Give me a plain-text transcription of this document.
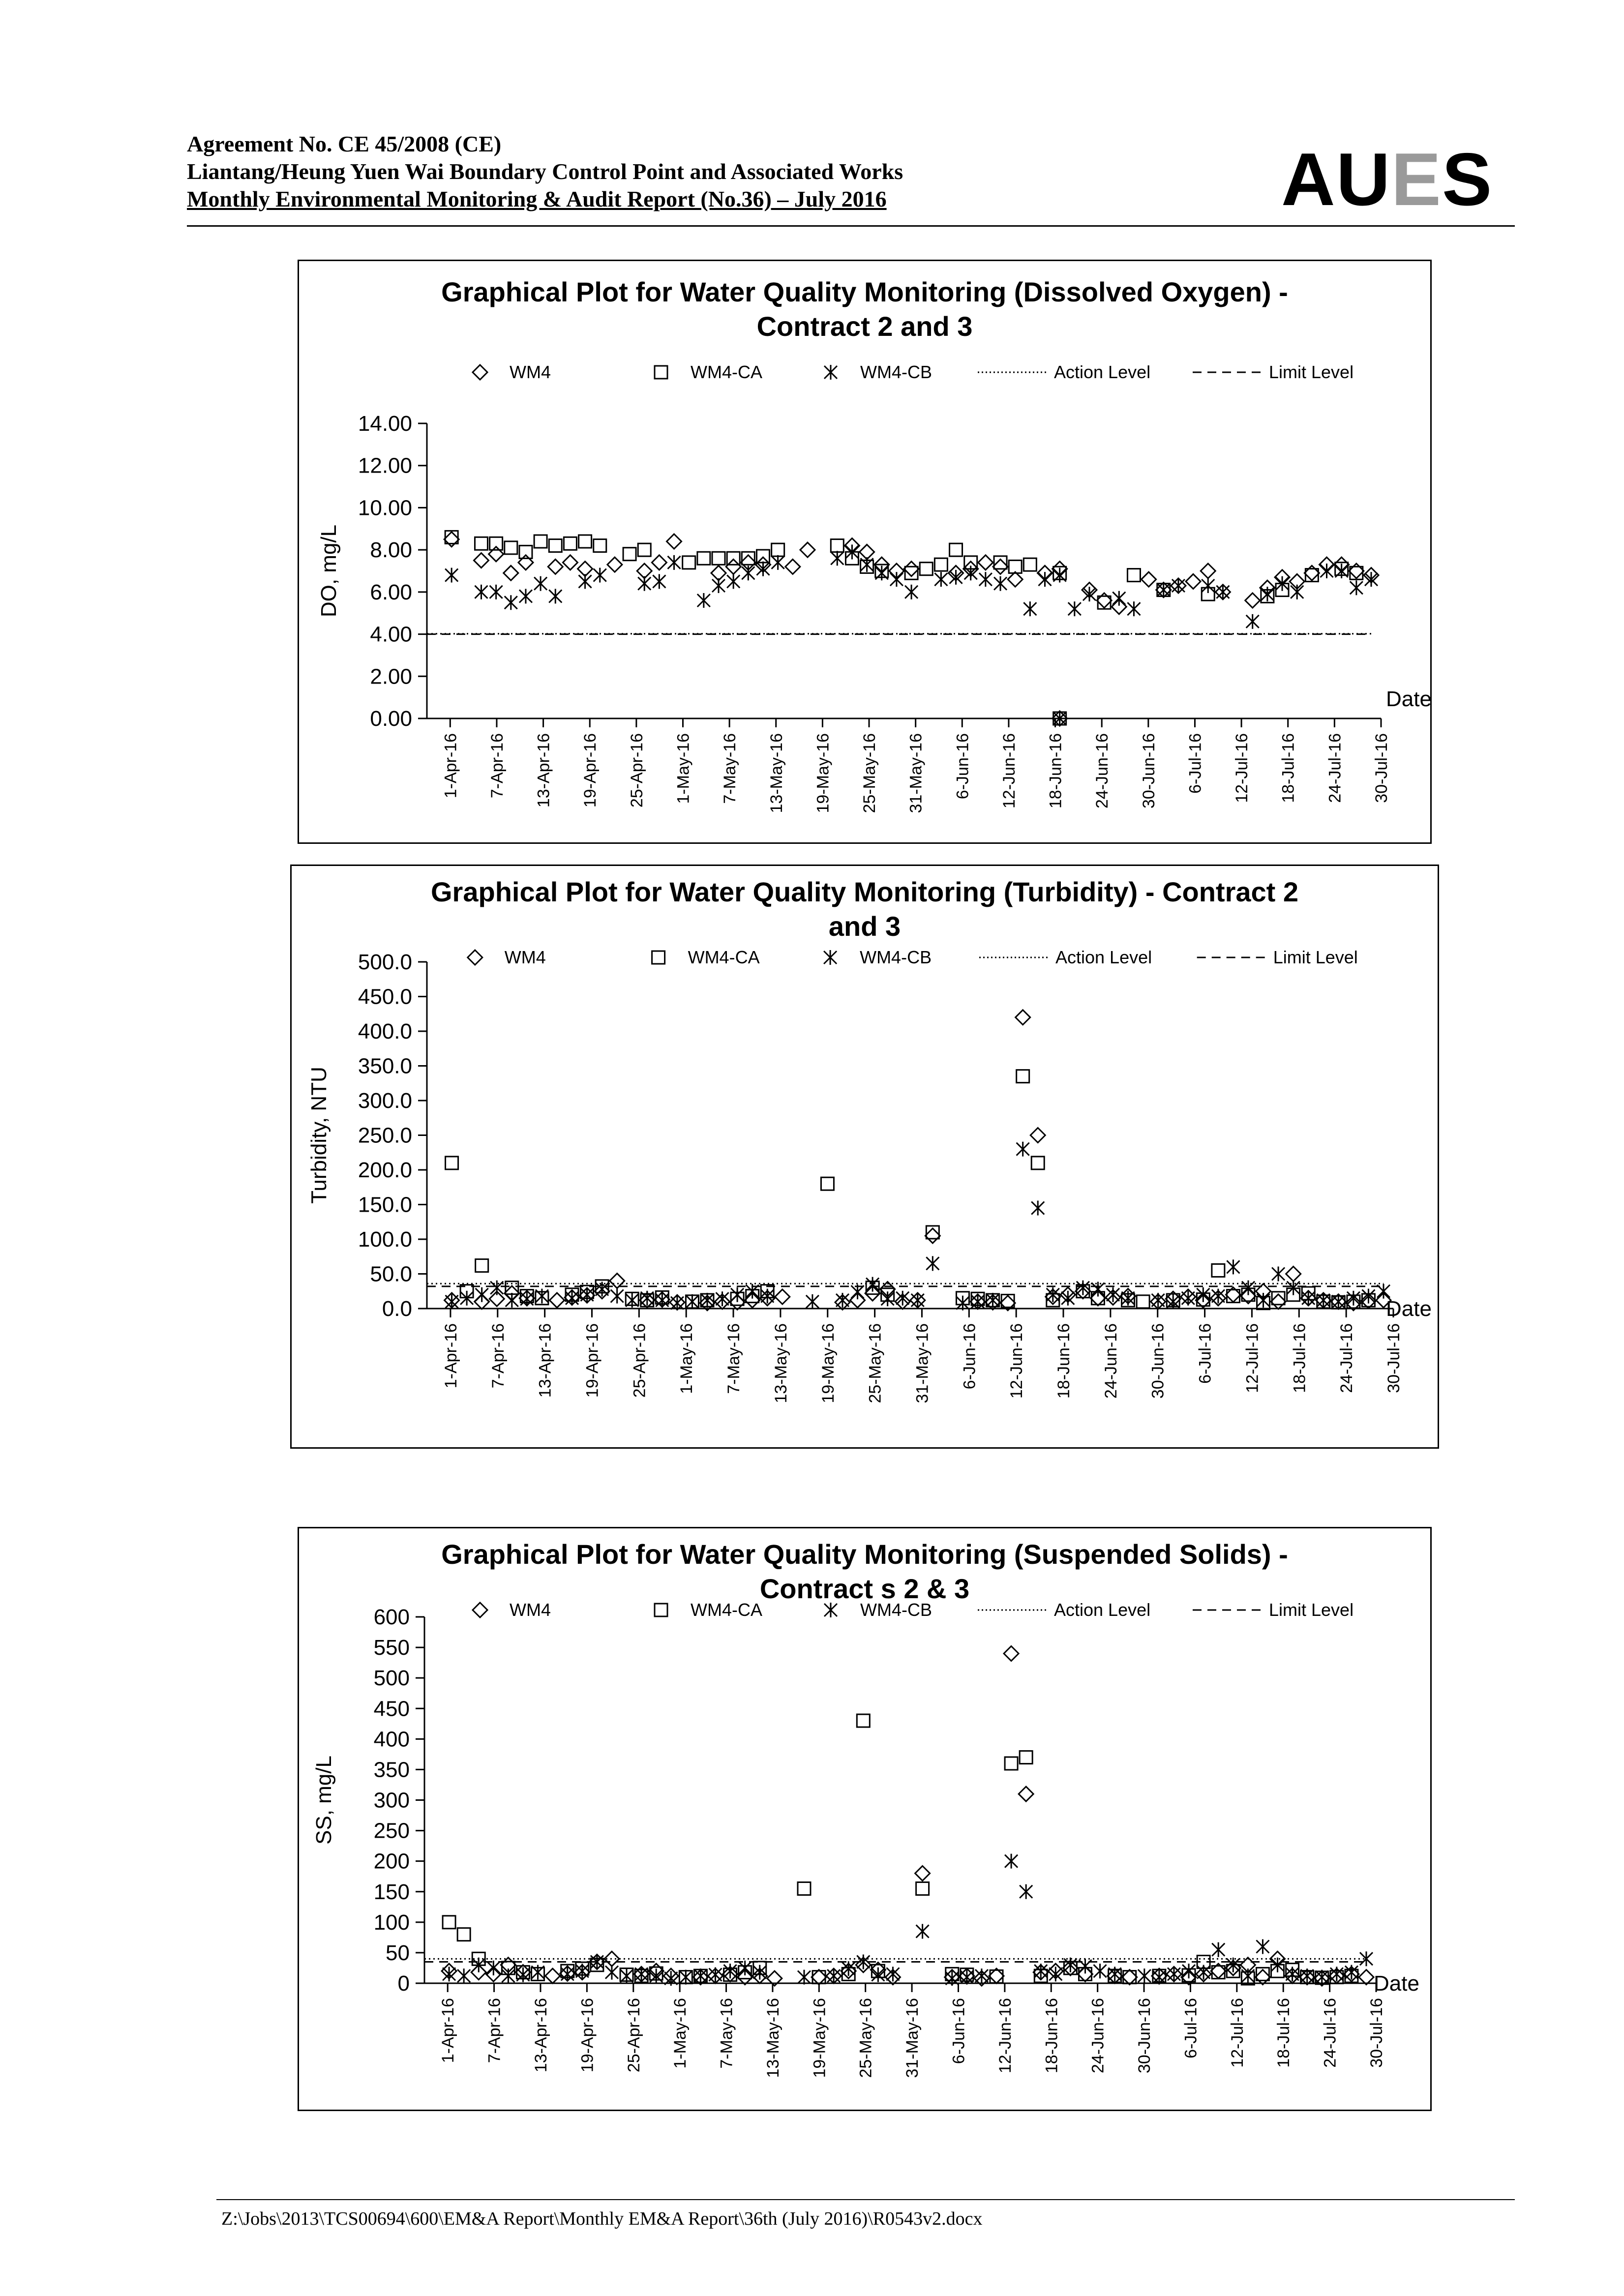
Agreement No. CE 45/2008 (CE)
Liantang/Heung Yuen Wai Boundary Control Point and Associated Works
Monthly Environmental Monitoring & Audit Report (No.36) – July 2016	AUES
Graphical Plot for Water Quality Monitoring (Dissolved Oxygen) -
Contract 2 and 3
WM4	WM4-CA	WM4-CB	Action Level	Limit Level
0.00
2.00
4.00
6.00
8.00
10.00
12.00
14.00
DO, mg/L
1-Apr-16 7-Apr-16 13-Apr-16 19-Apr-16 25-Apr-16 1-May-16 7-May-16 13-May-16 19-May-16 25-May-16 31-May-16 6-Jun-16 12-Jun-16 18-Jun-16 24-Jun-16 30-Jun-16 6-Jul-16 12-Jul-16 18-Jul-16 24-Jul-16 30-Jul-16
Date
Graphical Plot for Water Quality Monitoring (Turbidity) - Contract 2
and 3
WM4	WM4-CA	WM4-CB	Action Level	Limit Level
0.0
50.0
100.0
150.0
200.0
250.0
300.0
350.0
400.0
450.0
500.0
Turbidity, NTU
1-Apr-16 7-Apr-16 13-Apr-16 19-Apr-16 25-Apr-16 1-May-16 7-May-16 13-May-16 19-May-16 25-May-16 31-May-16 6-Jun-16 12-Jun-16 18-Jun-16 24-Jun-16 30-Jun-16 6-Jul-16 12-Jul-16 18-Jul-16 24-Jul-16 30-Jul-16
Date
Graphical Plot for Water Quality Monitoring (Suspended Solids) -
Contract s 2 & 3
WM4	WM4-CA	WM4-CB	Action Level	Limit Level
0
50
100
150
200
250
300
350
400
450
500
550
600
SS, mg/L
1-Apr-16 7-Apr-16 13-Apr-16 19-Apr-16 25-Apr-16 1-May-16 7-May-16 13-May-16 19-May-16 25-May-16 31-May-16 6-Jun-16 12-Jun-16 18-Jun-16 24-Jun-16 30-Jun-16 6-Jul-16 12-Jul-16 18-Jul-16 24-Jul-16 30-Jul-16
Date
Z:\Jobs\2013\TCS00694\600\EM&A Report\Monthly EM&A Report\36th (July 2016)\R0543v2.docx
